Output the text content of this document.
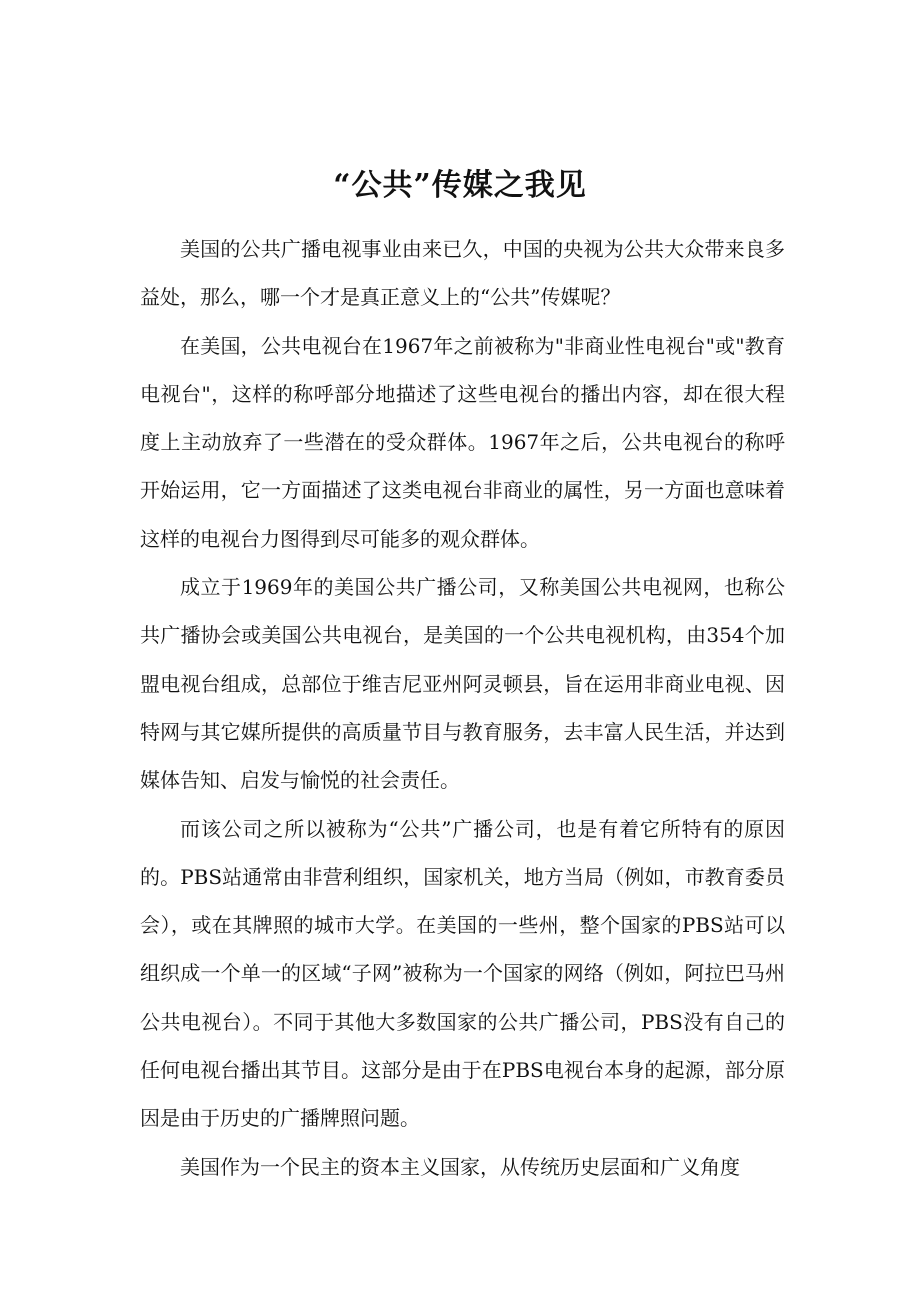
“公共”传媒之我见

美国的公共广播电视事业由来已久，中国的央视为公共大众带来良多益处，那么，哪一个才是真正意义上的“公共”传媒呢？

在美国，公共电视台在1967年之前被称为"非商业性电视台"或"教育电视台"，这样的称呼部分地描述了这些电视台的播出内容，却在很大程度上主动放弃了一些潜在的受众群体。1967年之后，公共电视台的称呼开始运用，它一方面描述了这类电视台非商业的属性，另一方面也意味着这样的电视台力图得到尽可能多的观众群体。

成立于1969年的美国公共广播公司，又称美国公共电视网，也称公共广播协会或美国公共电视台，是美国的一个公共电视机构，由354个加盟电视台组成，总部位于维吉尼亚州阿灵顿县，旨在运用非商业电视、因特网与其它媒所提供的高质量节目与教育服务，去丰富人民生活，并达到媒体告知、启发与愉悦的社会责任。

而该公司之所以被称为“公共”广播公司，也是有着它所特有的原因的。PBS站通常由非营利组织，国家机关，地方当局（例如，市教育委员会），或在其牌照的城市大学。在美国的一些州，整个国家的PBS站可以组织成一个单一的区域“子网”被称为一个国家的网络（例如，阿拉巴马州公共电视台）。不同于其他大多数国家的公共广播公司，PBS没有自己的任何电视台播出其节目。这部分是由于在PBS电视台本身的起源，部分原因是由于历史的广播牌照问题。

美国作为一个民主的资本主义国家，从传统历史层面和广义角度
